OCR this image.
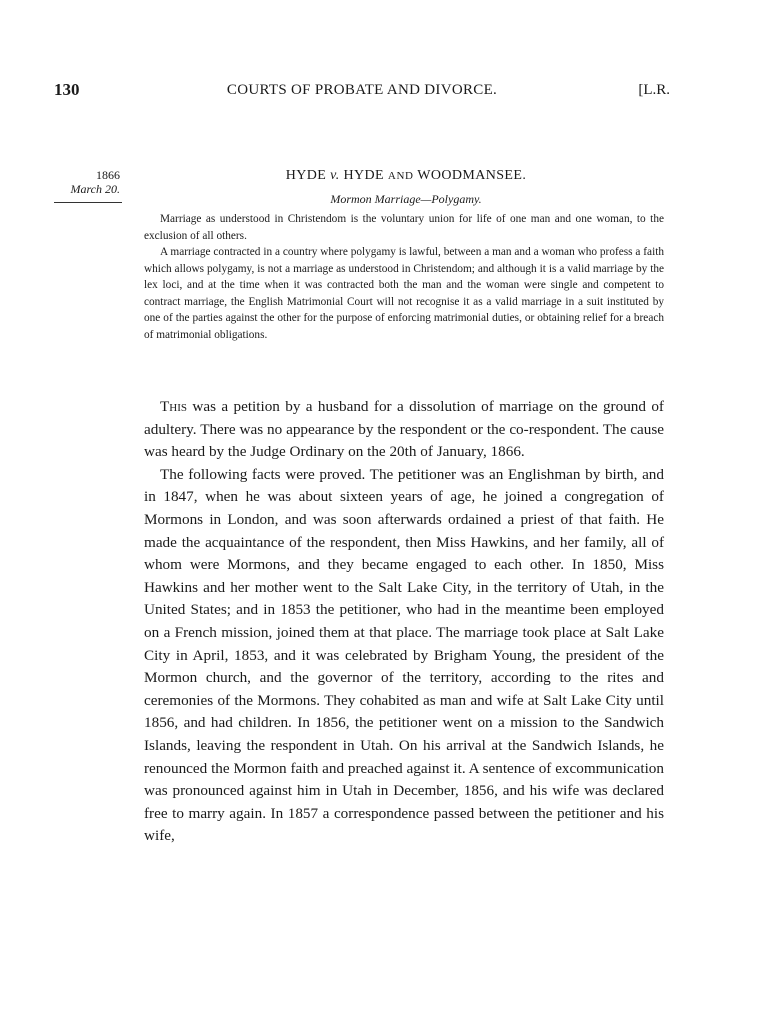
130	COURTS OF PROBATE AND DIVORCE.	[L.R.
1866
March 20.
HYDE v. HYDE AND WOODMANSEE.
Mormon Marriage—Polygamy.

Marriage as understood in Christendom is the voluntary union for life of one man and one woman, to the exclusion of all others.

A marriage contracted in a country where polygamy is lawful, between a man and a woman who profess a faith which allows polygamy, is not a marriage as understood in Christendom; and although it is a valid marriage by the lex loci, and at the time when it was contracted both the man and the woman were single and competent to contract marriage, the English Matrimonial Court will not recognise it as a valid marriage in a suit instituted by one of the parties against the other for the purpose of enforcing matrimonial duties, or obtaining relief for a breach of matrimonial obligations.

This was a petition by a husband for a dissolution of marriage on the ground of adultery. There was no appearance by the respondent or the co-respondent. The cause was heard by the Judge Ordinary on the 20th of January, 1866.

The following facts were proved. The petitioner was an Englishman by birth, and in 1847, when he was about sixteen years of age, he joined a congregation of Mormons in London, and was soon afterwards ordained a priest of that faith. He made the acquaintance of the respondent, then Miss Hawkins, and her family, all of whom were Mormons, and they became engaged to each other. In 1850, Miss Hawkins and her mother went to the Salt Lake City, in the territory of Utah, in the United States; and in 1853 the petitioner, who had in the meantime been employed on a French mission, joined them at that place. The marriage took place at Salt Lake City in April, 1853, and it was celebrated by Brigham Young, the president of the Mormon church, and the governor of the territory, according to the rites and ceremonies of the Mormons. They cohabited as man and wife at Salt Lake City until 1856, and had children. In 1856, the petitioner went on a mission to the Sandwich Islands, leaving the respondent in Utah. On his arrival at the Sandwich Islands, he renounced the Mormon faith and preached against it. A sentence of excommunication was pronounced against him in Utah in December, 1856, and his wife was declared free to marry again. In 1857 a correspondence passed between the petitioner and his wife,
